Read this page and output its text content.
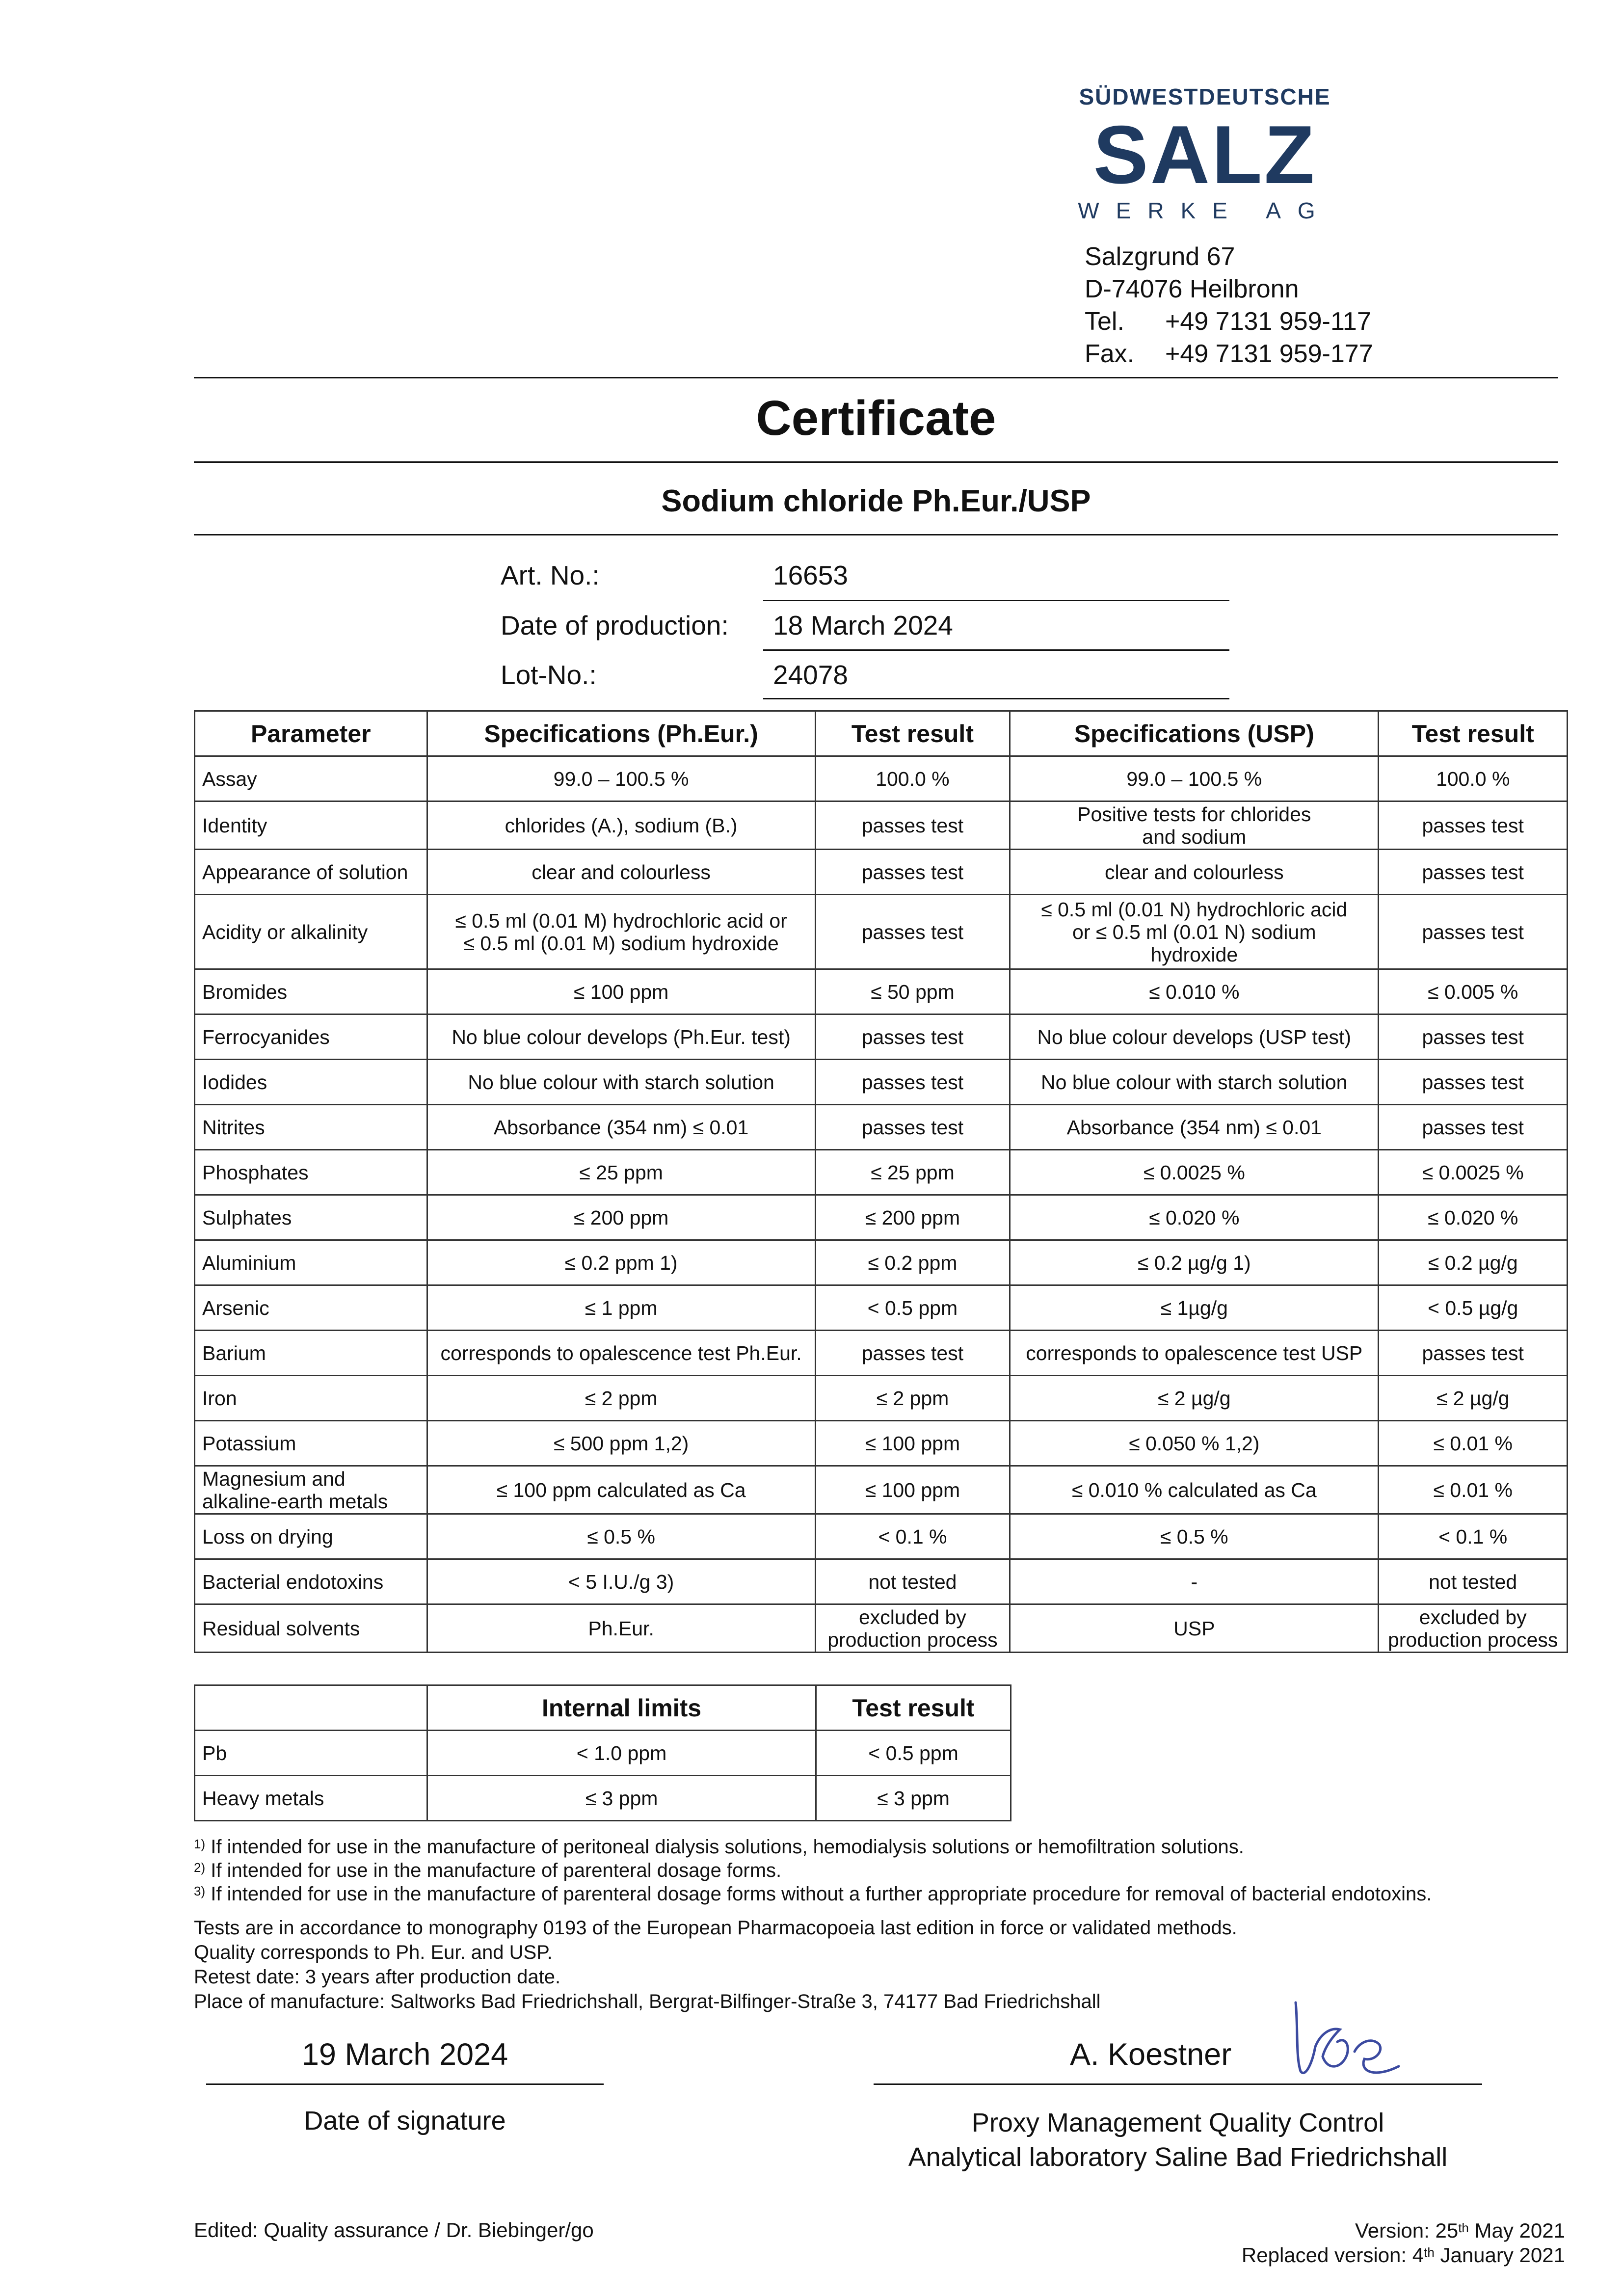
SÜDWESTDEUTSCHE
SALZ
WERKE AG
Salzgrund 67
D-74076 Heilbronn
Tel. +49 7131 959-117
Fax. +49 7131 959-177
Certificate
Sodium chloride Ph.Eur./USP
Art. No.:	16653
Date of production: 18 March 2024
Lot-No.:	24078
Parameter	Specifications (Ph.Eur.)	Test result	Specifications (USP)	Test result
Assay	99.0 – 100.5 %	100.0 %	99.0 – 100.5 %	100.0 %
Identity	chlorides (A.), sodium (B.)	passes test	Positive tests for chlorides and sodium	passes test
Appearance of solution	clear and colourless	passes test	clear and colourless	passes test
Acidity or alkalinity	≤ 0.5 ml (0.01 M) hydrochloric acid or ≤ 0.5 ml (0.01 M) sodium hydroxide	passes test	≤ 0.5 ml (0.01 N) hydrochloric acid or ≤ 0.5 ml (0.01 N) sodium hydroxide	passes test
Bromides	≤ 100 ppm	≤ 50 ppm	≤ 0.010 %	≤ 0.005 %
Ferrocyanides	No blue colour develops (Ph.Eur. test)	passes test	No blue colour develops (USP test)	passes test
Iodides	No blue colour with starch solution	passes test	No blue colour with starch solution	passes test
Nitrites	Absorbance (354 nm) ≤ 0.01	passes test	Absorbance (354 nm) ≤ 0.01	passes test
Phosphates	≤ 25 ppm	≤ 25 ppm	≤ 0.0025 %	≤ 0.0025 %
Sulphates	≤ 200 ppm	≤ 200 ppm	≤ 0.020 %	≤ 0.020 %
Aluminium	≤ 0.2 ppm 1)	≤ 0.2 ppm	≤ 0.2 µg/g 1)	≤ 0.2 µg/g
Arsenic	≤ 1 ppm	< 0.5 ppm	≤ 1µg/g	< 0.5 µg/g
Barium	corresponds to opalescence test Ph.Eur.	passes test	corresponds to opalescence test USP	passes test
Iron	≤ 2 ppm	≤ 2 ppm	≤ 2 µg/g	≤ 2 µg/g
Potassium	≤ 500 ppm 1,2)	≤ 100 ppm	≤ 0.050 % 1,2)	≤ 0.01 %
Magnesium and alkaline-earth metals	≤ 100 ppm calculated as Ca	≤ 100 ppm	≤ 0.010 % calculated as Ca	≤ 0.01 %
Loss on drying	≤ 0.5 %	< 0.1 %	≤ 0.5 %	< 0.1 %
Bacterial endotoxins	< 5 I.U./g 3)	not tested	-	not tested
Residual solvents	Ph.Eur.	excluded by production process	USP	excluded by production process
	Internal limits	Test result
Pb	< 1.0 ppm	< 0.5 ppm
Heavy metals	≤ 3 ppm	≤ 3 ppm
$^{1)}$ If intended for use in the manufacture of peritoneal dialysis solutions, hemodialysis solutions or hemofiltration solutions.
$^{2)}$ If intended for use in the manufacture of parenteral dosage forms.
$^{3)}$ If intended for use in the manufacture of parenteral dosage forms without a further appropriate procedure for removal of bacterial endotoxins.
Tests are in accordance to monography 0193 of the European Pharmacopoeia last edition in force or validated methods.
Quality corresponds to Ph. Eur. and USP.
Retest date: 3 years after production date.
Place of manufacture: Saltworks Bad Friedrichshall, Bergrat-Bilfinger-Straße 3, 74177 Bad Friedrichshall
19 March 2024
Date of signature
A. Koestner
Proxy Management Quality Control
Analytical laboratory Saline Bad Friedrichshall
Edited: Quality assurance / Dr. Biebinger/go	Version: 25th May 2021
Replaced version: 4th January 2021
